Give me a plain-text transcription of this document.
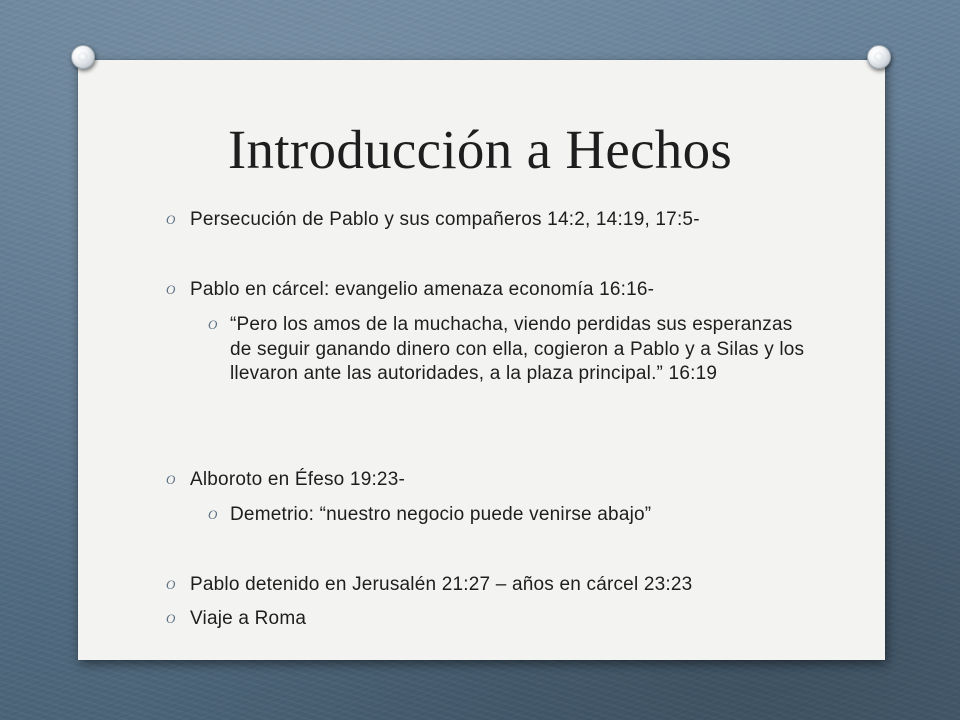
Introducción a Hechos
O Persecución de Pablo y sus compañeros 14:2, 14:19, 17:5-
O Pablo en cárcel: evangelio amenaza economía 16:16-
O “Pero los amos de la muchacha, viendo perdidas sus esperanzas de seguir ganando dinero con ella, cogieron a Pablo y a Silas y los llevaron ante las autoridades, a la plaza principal.” 16:19
O Alboroto en Éfeso 19:23-
O Demetrio: “nuestro negocio puede venirse abajo”
O Pablo detenido en Jerusalén 21:27 – años en cárcel 23:23
O Viaje a Roma
